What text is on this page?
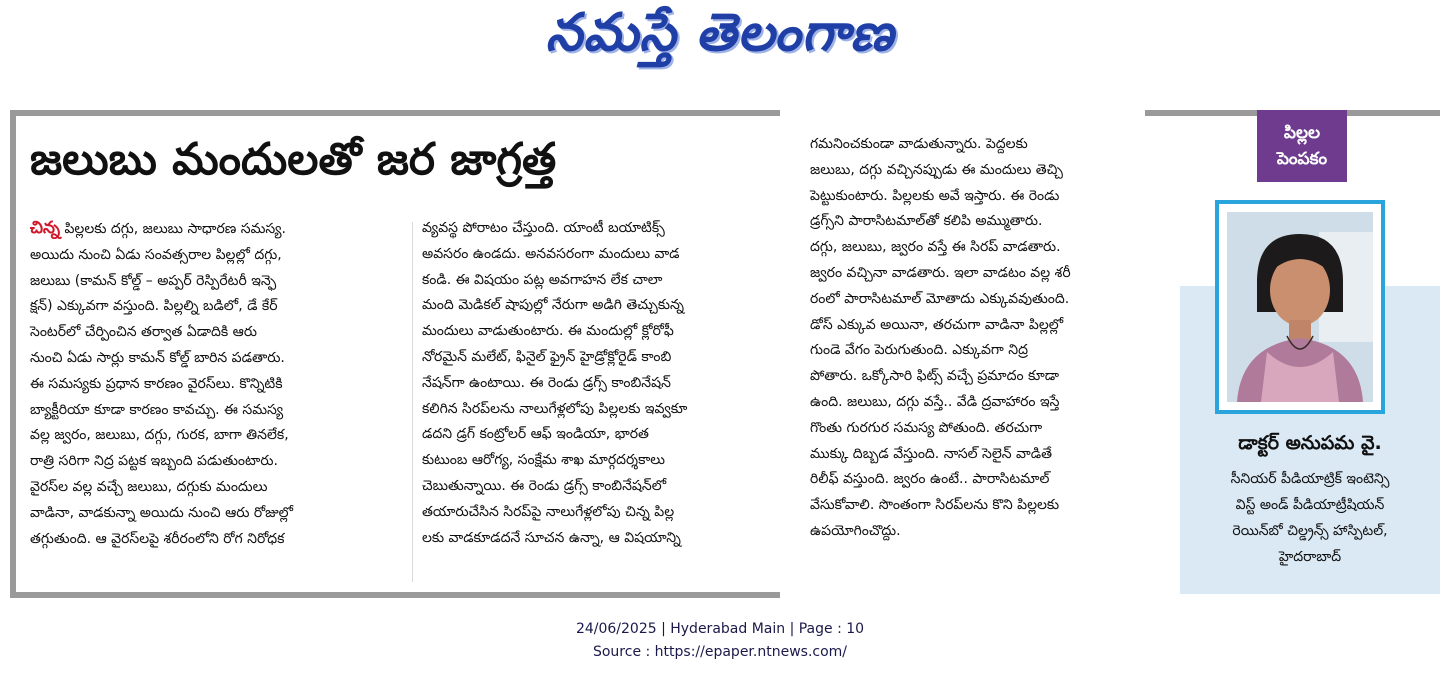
నమస్తే తెలంగాణ
జలుబు మందులతో జర జాగ్రత్త

చిన్న పిల్లలకు దగ్గు, జలుబు సాధారణ సమస్య.

అయిదు నుంచి ఏడు సంవత్సరాల పిల్లల్లో దగ్గు,

జలుబు (కామన్ కోల్డ్ – అప్పర్ రెస్పిరేటరీ ఇన్ఫె

క్షన్) ఎక్కువగా వస్తుంది. పిల్లల్ని బడిలో, డే కేర్

సెంటర్‌లో చేర్పించిన తర్వాత ఏడాదికి ఆరు

నుంచి ఏడు సార్లు కామన్ కోల్డ్ బారిన పడతారు.

ఈ సమస్యకు ప్రధాన కారణం వైరస్‌లు. కొన్నిటికి

బ్యాక్టీరియా కూడా కారణం కావచ్చు. ఈ సమస్య

వల్ల జ్వరం, జలుబు, దగ్గు, గురక, బాగా తినలేక,

రాత్రి సరిగా నిద్ర పట్టక ఇబ్బంది పడుతుంటారు.

వైరస్‌ల వల్ల వచ్చే జలుబు, దగ్గుకు మందులు

వాడినా, వాడకున్నా అయిదు నుంచి ఆరు రోజుల్లో

తగ్గుతుంది. ఆ వైరస్‌లపై శరీరంలోని రోగ నిరోధక

వ్యవస్థ పోరాటం చేస్తుంది. యాంటీ బయాటిక్స్

అవసరం ఉండదు. అనవసరంగా మందులు వాడ

కండి. ఈ విషయం పట్ల అవగాహన లేక చాలా

మంది మెడికల్ షాపుల్లో నేరుగా అడిగి తెచ్చుకున్న

మందులు వాడుతుంటారు. ఈ మందుల్లో క్లోరోఫీ

నోరమైన్ మలేట్, ఫినైల్ ఫ్రైన్ హైడ్రోక్లోరైడ్ కాంబి

నేషన్‌గా ఉంటాయి. ఈ రెండు డ్రగ్స్ కాంబినేషన్

కలిగిన సిరప్‌లను నాలుగేళ్లలోపు పిల్లలకు ఇవ్వకూ

డదని డ్రగ్ కంట్రోలర్ ఆఫ్ ఇండియా, భారత

కుటుంబ ఆరోగ్య, సంక్షేమ శాఖ మార్గదర్శకాలు

చెబుతున్నాయి. ఈ రెండు డ్రగ్స్ కాంబినేషన్‌లో

తయారుచేసిన సిరప్‌పై నాలుగేళ్లలోపు చిన్న పిల్ల

లకు వాడకూడదనే సూచన ఉన్నా, ఆ విషయాన్ని

గమనించకుండా వాడుతున్నారు. పెద్దలకు

జలుబు, దగ్గు వచ్చినప్పుడు ఈ మందులు తెచ్చి

పెట్టుకుంటారు. పిల్లలకు అవే ఇస్తారు. ఈ రెండు

డ్రగ్స్‌ని పారాసిటమాల్‌తో కలిపి అమ్ముతారు.

దగ్గు, జలుబు, జ్వరం వస్తే ఈ సిరప్ వాడతారు.

జ్వరం వచ్చినా వాడతారు. ఇలా వాడటం వల్ల శరీ

రంలో పారాసిటమాల్ మోతాదు ఎక్కువవుతుంది.

డోస్ ఎక్కువ అయినా, తరచుగా వాడినా పిల్లల్లో

గుండె వేగం పెరుగుతుంది. ఎక్కువగా నిద్ర

పోతారు. ఒక్కోసారి ఫిట్స్ వచ్చే ప్రమాదం కూడా

ఉంది. జలుబు, దగ్గు వస్తే.. వేడి ద్రవాహారం ఇస్తే

గొంతు గురగుర సమస్య పోతుంది. తరచుగా

ముక్కు దిబ్బడ వేస్తుంది. నాసల్ సెలైన్ వాడితే

రిలీఫ్ వస్తుంది. జ్వరం ఉంటే.. పారాసిటమాల్

వేసుకోవాలి. సొంతంగా సిరప్‌లను కొని పిల్లలకు

ఉపయోగించొద్దు.

పిల్లల
పెంపకం
డాక్టర్ అనుపమ వై.
సీనియర్ పీడియాట్రిక్ ఇంటెన్సి
విస్ట్ అండ్ పీడియాట్రీషియన్
రెయిన్‌బో చిల్డ్రన్స్ హాస్పిటల్,
హైదరాబాద్
24/06/2025 | Hyderabad Main | Page : 10
Source : https://epaper.ntnews.com/
